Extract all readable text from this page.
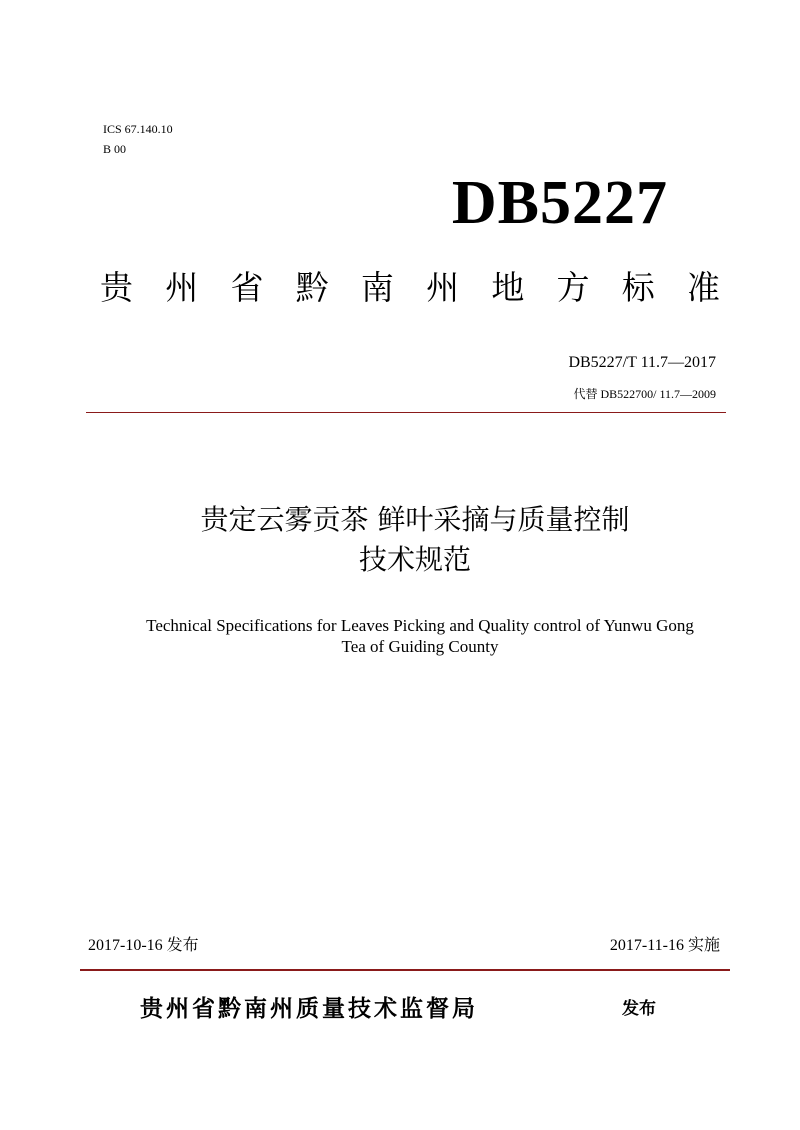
ICS 67.140.10
B 00
DB5227
贵 州 省 黔 南 州 地 方 标 准
DB5227/T 11.7—2017
代替 DB522700/ 11.7—2009
贵定云雾贡茶 鲜叶采摘与质量控制
技术规范
Technical Specifications for Leaves Picking and Quality control of Yunwu Gong
Tea of Guiding County
2017-10-16 发布	2017-11-16 实施
贵州省黔南州质量技术监督局	发布
